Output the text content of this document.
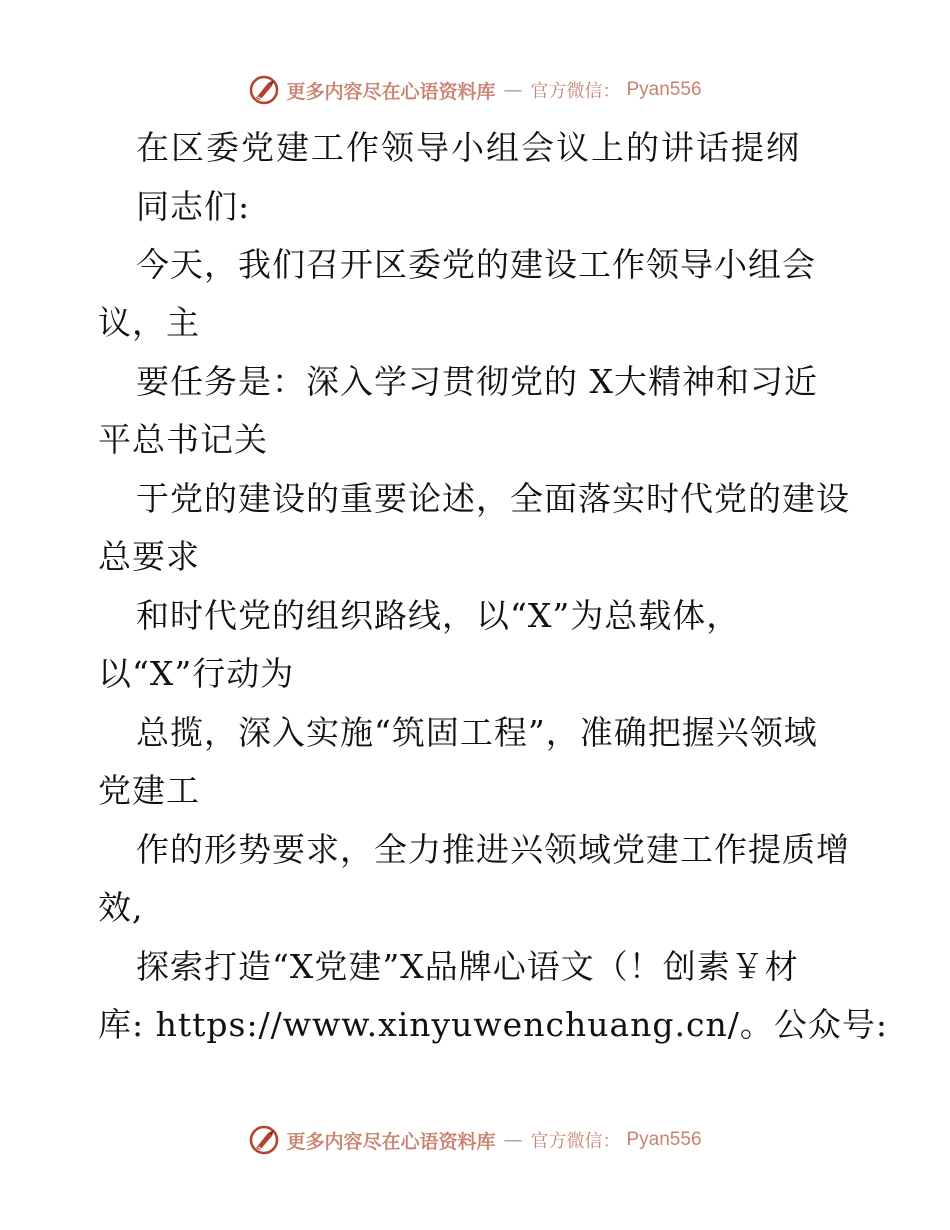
更多内容尽在心语资料库 — 官方微信： Pyan556
在区委党建工作领导小组会议上的讲话提纲
同志们:
今天，我们召开区委党的建设工作领导小组会
议，主
要任务是：深入学习贯彻党的 X大精神和习近
平总书记关
于党的建设的重要论述，全面落实时代党的建设
总要求
和时代党的组织路线，以“X”为总载体，
以“X”行动为
总揽，深入实施“筑固工程”，准确把握兴领域
党建工
作的形势要求，全力推进兴领域党建工作提质增
效,
探索打造“X党建”X品牌心语文（！创素￥材
库: https://www.xinyuwenchuang.cn/。公众号:
更多内容尽在心语资料库 — 官方微信： Pyan556
